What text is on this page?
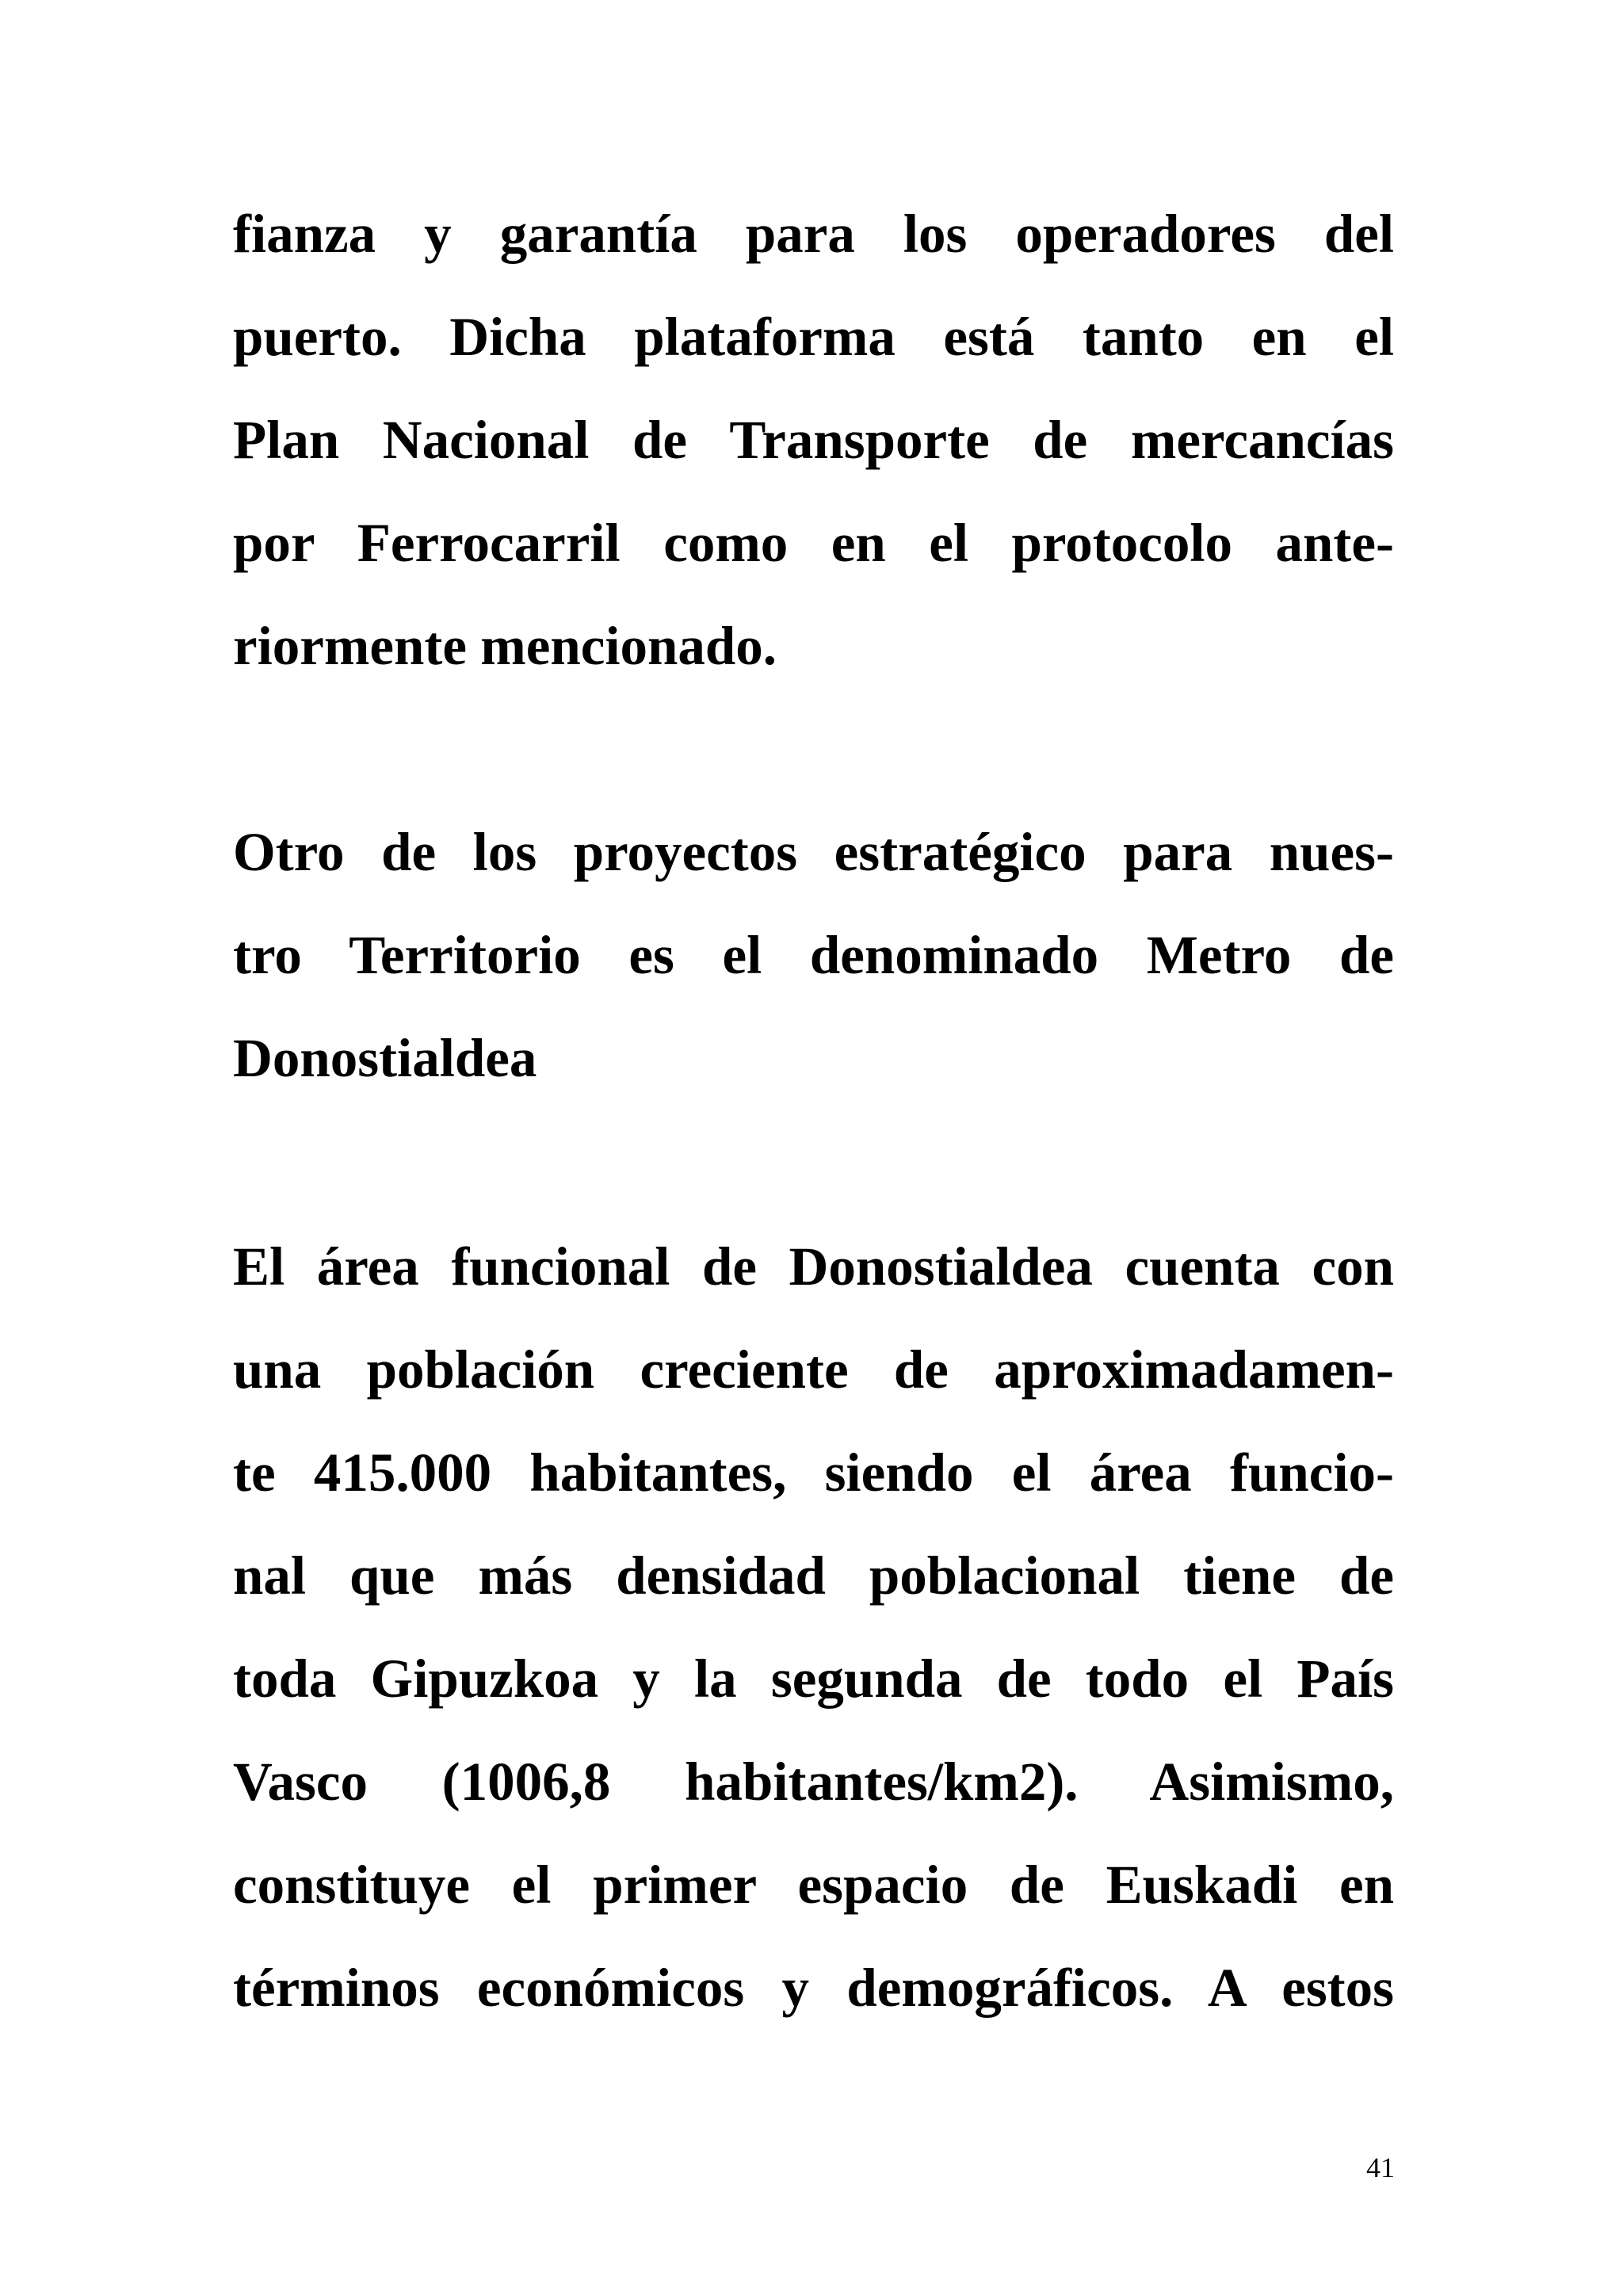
fianza y garantía para los operadores del
puerto. Dicha plataforma está tanto en el
Plan Nacional de Transporte de mercancías
por Ferrocarril como en el protocolo ante-
riormente mencionado.
Otro de los proyectos estratégico para nues-
tro Territorio es el denominado Metro de
Donostialdea
El área funcional de Donostialdea cuenta con
una población creciente de aproximadamen-
te 415.000 habitantes, siendo el área funcio-
nal que más densidad poblacional tiene de
toda Gipuzkoa y la segunda de todo el País
Vasco (1006,8 habitantes/km2). Asimismo,
constituye el primer espacio de Euskadi en
términos económicos y demográficos. A estos
41
